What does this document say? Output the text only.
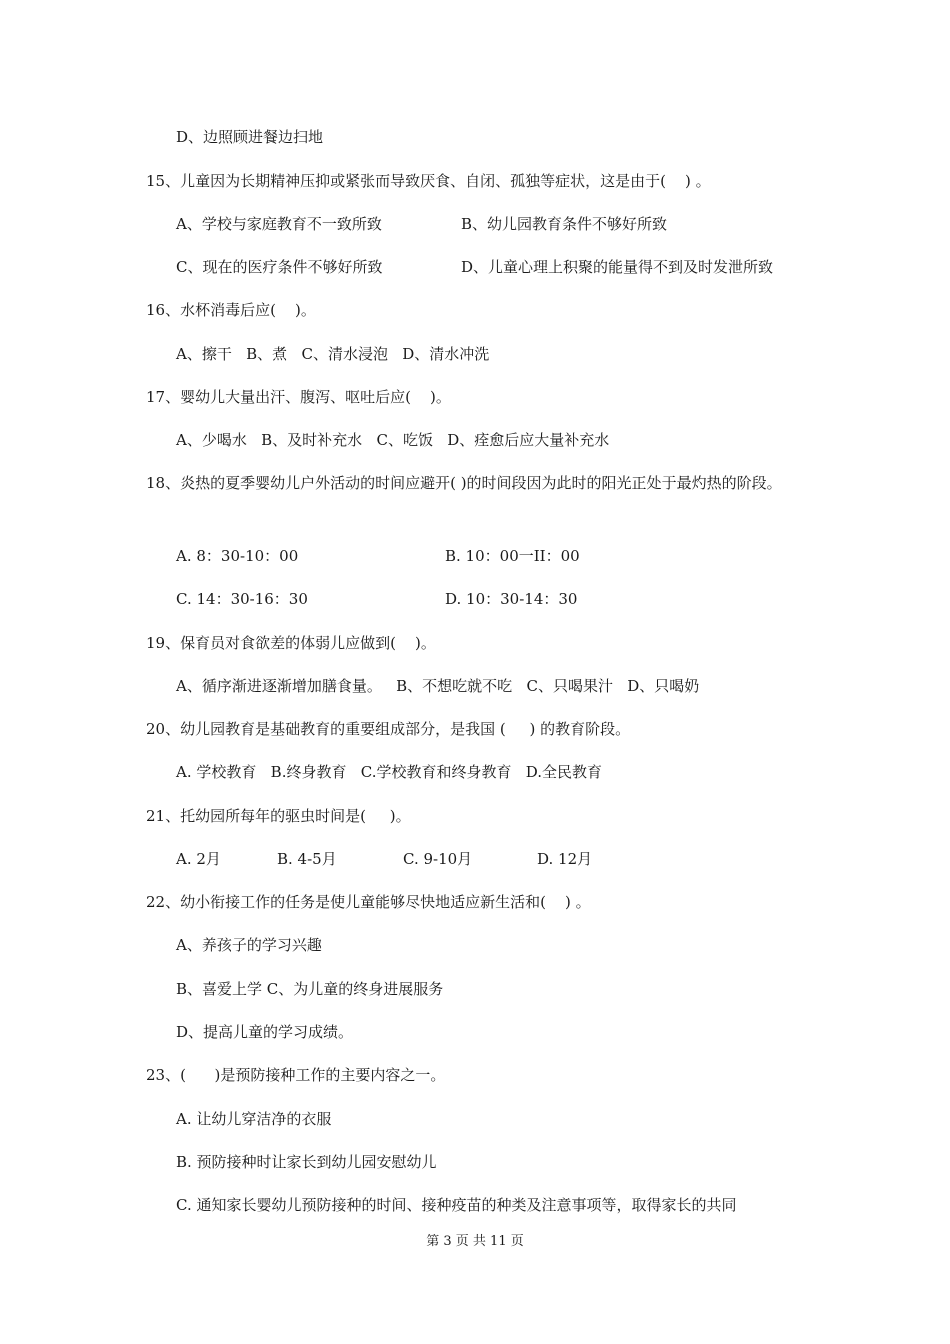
D、边照顾进餐边扫地
15、儿童因为长期精神压抑或紧张而导致厌食、自闭、孤独等症状，这是由于(    ) 。
A、学校与家庭教育不一致所致	B、幼儿园教育条件不够好所致
C、现在的医疗条件不够好所致	D、儿童心理上积聚的能量得不到及时发泄所致
16、水杯消毒后应(    )。
A、擦干   B、煮   C、清水浸泡   D、清水冲洗
17、婴幼儿大量出汗、腹泻、呕吐后应(    )。
A、少喝水   B、及时补充水   C、吃饭   D、痊愈后应大量补充水
18、炎热的夏季婴幼儿户外活动的时间应避开( )的时间段因为此时的阳光正处于最灼热的阶段。
A. 8：30-10：00	B. 10：00一II：00
C. 14：30-16：30	D. 10：30-14：30
19、保育员对食欲差的体弱儿应做到(    )。
A、循序渐进逐渐增加膳食量。   B、不想吃就不吃   C、只喝果汁   D、只喝奶
20、幼儿园教育是基础教育的重要组成部分，是我国 (     ) 的教育阶段。
A. 学校教育   B.终身教育   C.学校教育和终身教育   D.全民教育
21、托幼园所每年的驱虫时间是(     )。
A. 2月	B. 4-5月	C. 9-10月	D. 12月
22、幼小衔接工作的任务是使儿童能够尽快地适应新生活和(    ) 。
A、养孩子的学习兴趣
B、喜爱上学 C、为儿童的终身进展服务
D、提高儿童的学习成绩。
23、(      )是预防接种工作的主要内容之一。
A. 让幼儿穿洁净的衣服
B. 预防接种时让家长到幼儿园安慰幼儿
C. 通知家长婴幼儿预防接种的时间、接种疫苗的种类及注意事项等，取得家长的共同
第 3 页 共 11 页
